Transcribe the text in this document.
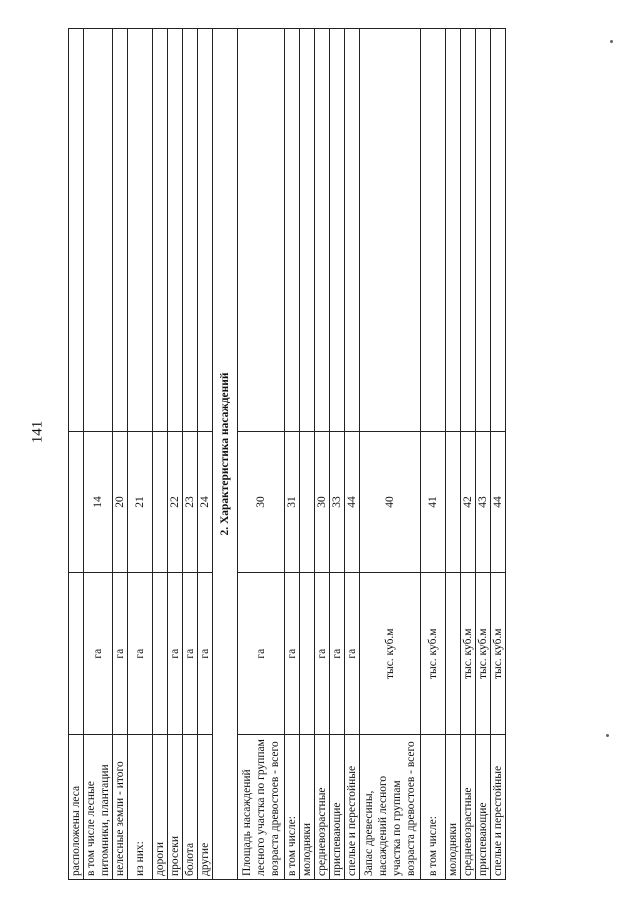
141
расположены леса			
в том числе лесные питомники, плантации	га	14	
нелесные земли - итого	га	20	
из них:	га	21	
дороги			
просеки	га	22	
болота	га	23	
другие	га	24	
2. Характеристика насаждений			
Площадь насаждений лесного участка по группам возраста древостоев - всего	га	30	
в том числе:	га	31	
молодняки			
средневозрастные	га	30	
приспевающие	га	33	
спелые и перестойные	га	44	
Запас древесины, насаждений лесного участка по группам возраста древостоев - всего	тыс. куб.м	40	
в том числе:	тыс. куб.м	41	
молодняки			
средневозрастные	тыс. куб.м	42	
приспевающие	тыс. куб.м	43	
спелые и перестойные	тыс. куб.м	44	
